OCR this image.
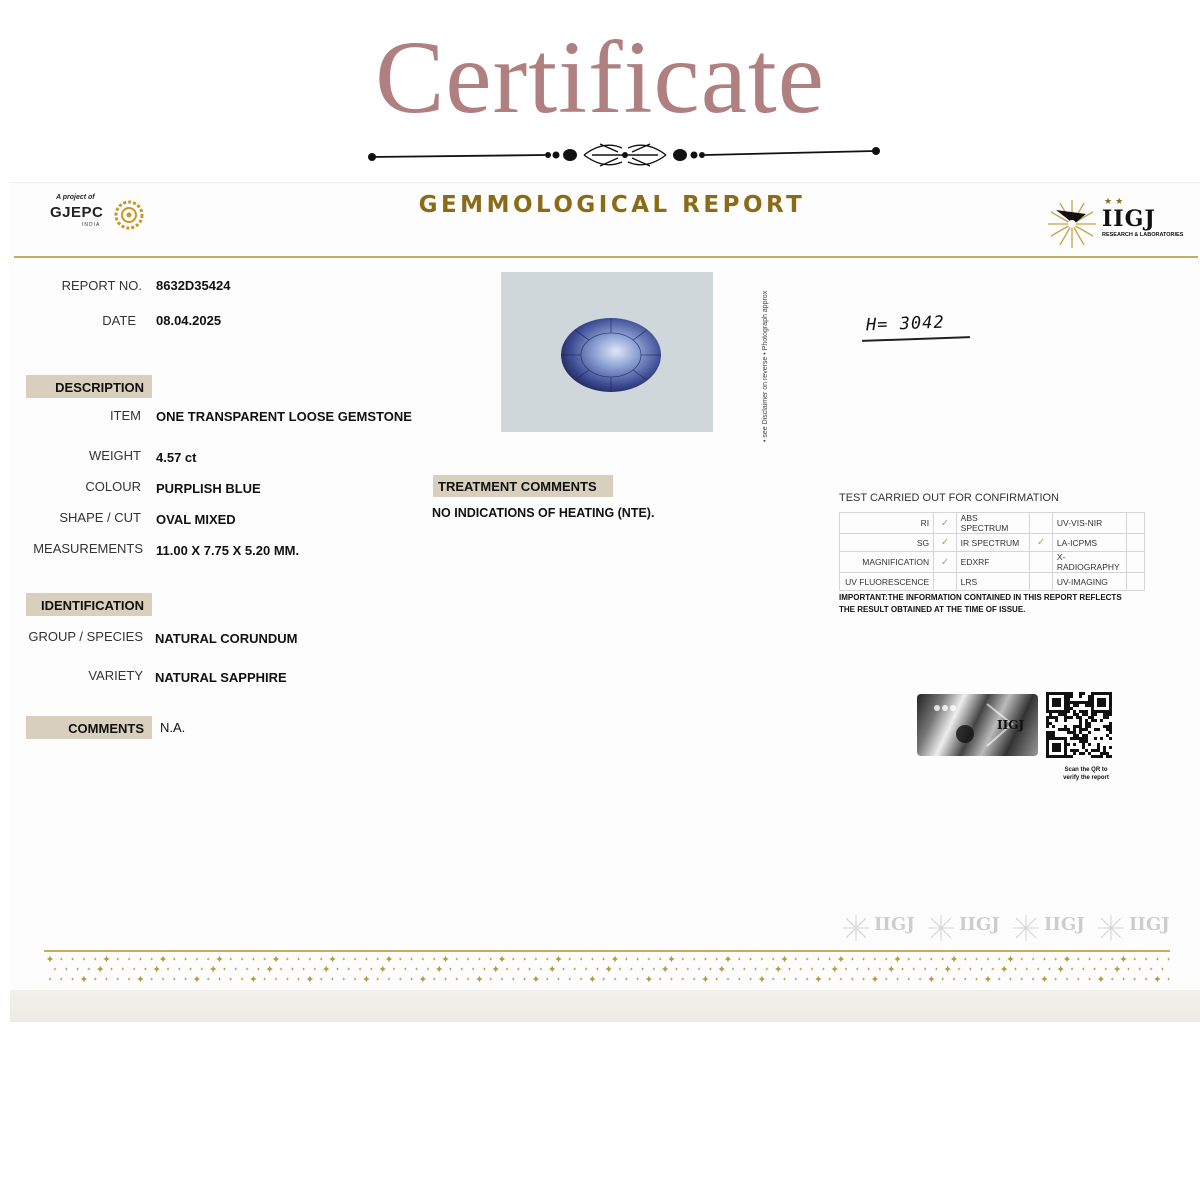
Certificate
A project of
GJEPC
INDIA
GEMMOLOGICAL REPORT	★★
IIGJ
RESEARCH & LABORATORIES
REPORT NO. 8632D35424
DATE 08.04.2025
DESCRIPTION
ITEM ONE TRANSPARENT LOOSE GEMSTONE
WEIGHT 4.57 ct
COLOUR PURPLISH BLUE
SHAPE / CUT OVAL MIXED
MEASUREMENTS 11.00 X 7.75 X 5.20 MM.
IDENTIFICATION
GROUP / SPECIES NATURAL CORUNDUM
VARIETY NATURAL SAPPHIRE
COMMENTS	N.A.
• see Disclaimer on reverse • Photograph approx	H= 3042
TREATMENT COMMENTS
NO INDICATIONS OF HEATING (NTE).
TEST CARRIED OUT FOR CONFIRMATION
RI	✓	ABS SPECTRUM		UV-VIS-NIR	
SG	✓	IR SPECTRUM	✓	LA-ICPMS	
MAGNIFICATION	✓	EDXRF		X-RADIOGRAPHY	
UV FLUORESCENCE		LRS		UV-IMAGING	
IMPORTANT:THE INFORMATION CONTAINED IN THIS REPORT REFLECTS THE RESULT OBTAINED AT THE TIME OF ISSUE.
IIGJ
Scan the QR to
verify the report
IIGJ IIGJ IIGJ IIGJ
